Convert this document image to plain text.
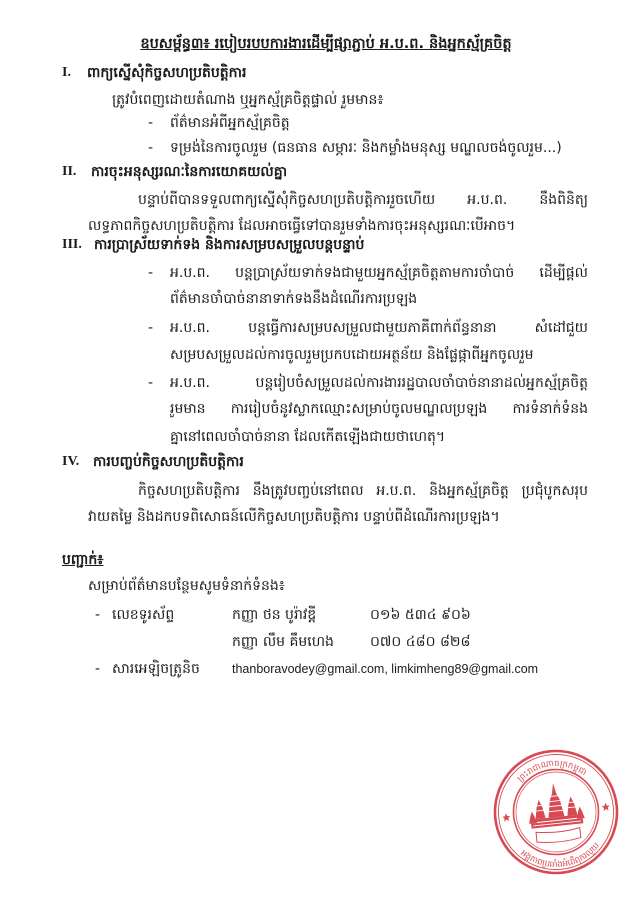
ឧបសម្ព័ន្ធ៣៖ របៀបរបបការងារដើម្បីផ្សាភ្ជាប់ អ.ប.ព. និងអ្នកស្ម័គ្រចិត្ត
I.	ពាក្យស្នើសុំកិច្ចសហប្រតិបត្តិការ
ត្រូវបំពេញដោយតំណាង ឬអ្នកស្ម័គ្រចិត្តផ្ទាល់ រួមមាន៖
-	ព័ត៌មានអំពីអ្នកស្ម័គ្រចិត្ត
-	ទម្រង់នៃការចូលរួម (ធនធាន សម្ភារៈ និងកម្លាំងមនុស្ស មណ្ឌលចង់ចូលរួម...)
II.	ការចុះអនុស្សរណៈនៃការយោគយល់គ្នា
បន្ទាប់ពីបានទទួលពាក្យស្នើសុំកិច្ចសហប្រតិបត្តិការរួចហើយ អ.ប.ព. នឹងពិនិត្យ
លទ្ធភាពកិច្ចសហប្រតិបត្តិការ ដែលអាចធ្វើទៅបានរួមទាំងការចុះអនុស្សរណៈបើអាច។
III. ការប្រាស្រ័យទាក់ទង និងការសម្របសម្រួលបន្តបន្ទាប់
-	អ.ប.ព. បន្តប្រាស្រ័យទាក់ទងជាមួយអ្នកស្ម័គ្រចិត្តតាមការចាំបាច់ ដើម្បីផ្តល់
ព័ត៌មានចាំបាច់នានាទាក់ទងនឹងដំណើរការប្រឡង
-	អ.ប.ព. បន្តធ្វើការសម្របសម្រួលជាមួយភាគីពាក់ព័ន្ធនានា សំដៅជួយ
សម្របសម្រួលដល់ការចូលរួមប្រកបដោយអត្ថន័យ និងផ្លែផ្កាពីអ្នកចូលរួម
-	អ.ប.ព. បន្តរៀបចំសម្រួលដល់ការងាររដ្ឋបាលចាំបាច់នានាដល់អ្នកស្ម័គ្រចិត្ត
រួមមាន ការរៀបចំនូវស្លាកឈ្មោះសម្រាប់ចូលមណ្ឌលប្រឡង ការទំនាក់ទំនង
គ្នានៅពេលចាំបាច់នានា ដែលកើតឡើងជាយថាហេតុ។
IV. ការបញ្ចប់កិច្ចសហប្រតិបត្តិការ
កិច្ចសហប្រតិបត្តិការ នឹងត្រូវបញ្ចប់នៅពេល អ.ប.ព. និងអ្នកស្ម័គ្រចិត្ត ប្រជុំបូកសរុប
វាយតម្លៃ និងដកបទពិសោធន៍លើកិច្ចសហប្រតិបត្តិការ បន្ទាប់ពីដំណើរការប្រឡង។
បញ្ជាក់៖
សម្រាប់ព័ត៌មានបន្ថែមសូមទំនាក់ទំនង៖
- លេខទូរស័ព្ទ	កញ្ញា ថន បូរ៉ាវឌ្ដី	០១៦ ៥៣៤ ៩០៦
កញ្ញា លឹម គឹមហេង	០៧០ ៤៨០ ៨២៨
- សារអេឡិចត្រូនិច	thanboravodey@gmail.com, limkimheng89@gmail.com
ព្រះរាជាណាចក្រកម្ពុជា
អង្គភាពប្រឆាំងអំពើពុករលួយ
